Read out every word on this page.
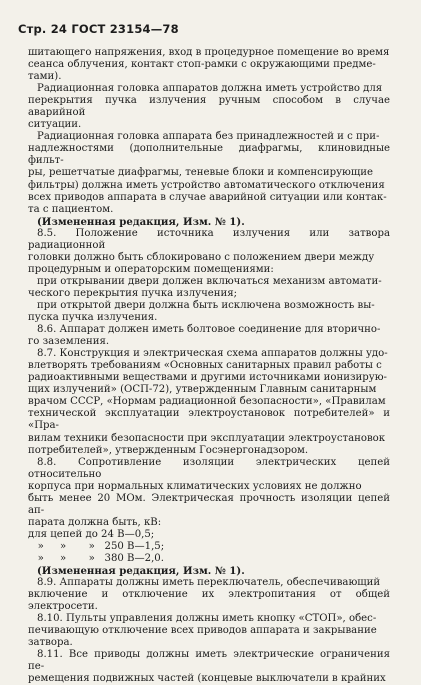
Стр. 24 ГОСТ 23154—78
шитающего напряжения, вход в процедурное помещение во время
сеанса облучения, контакт стоп-рамки с окружающими предме-
тами).
Радиационная головка аппаратов должна иметь устройство для
перекрытия пучка излучения ручным способом в случае аварийной
ситуации.
Радиационная головка аппарата без принадлежностей и с при-
надлежностями (дополнительные диафрагмы, клиновидные фильт-
ры, решетчатые диафрагмы, теневые блоки и компенсирующие
фильтры) должна иметь устройство автоматического отключения
всех приводов аппарата в случае аварийной ситуации или контак-
та с пациентом.
(Измененная редакция, Изм. № 1).
8.5. Положение источника излучения или затвора радиационной
головки должно быть сблокировано с положением двери между
процедурным и операторским помещениями:
при открывании двери должен включаться механизм автомати-
ческого перекрытия пучка излучения;
при открытой двери должна быть исключена возможность вы-
пуска пучка излучения.
8.6. Аппарат должен иметь болтовое соединение для вторично-
го заземления.
8.7. Конструкция и электрическая схема аппаратов должны удо-
влетворять требованиям «Основных санитарных правил работы с
радиоактивными веществами и другими источниками ионизирую-
щих излучений» (ОСП-72), утвержденным Главным санитарным
врачом СССР, «Нормам радиационной безопасности», «Правилам
технической эксплуатации электроустановок потребителей» и «Пра-
вилам техники безопасности при эксплуатации электроустановок
потребителей», утвержденным Госэнергонадзором.
8.8. Сопротивление изоляции электрических цепей относительно
корпуса при нормальных климатических условиях не должно
быть менее 20 МОм. Электрическая прочность изоляции цепей ап-
парата должна быть, кВ:
для цепей до 24 В—0,5;
»     »       »   250 В—1,5;
»     »       »   380 В—2,0.
(Измененная редакция, Изм. № 1).
8.9. Аппараты должны иметь переключатель, обеспечивающий
включение и отключение их электропитания от общей электросети.
8.10. Пульты управления должны иметь кнопку «СТОП», обес-
печивающую отключение всех приводов аппарата и закрывание
затвора.
8.11. Все приводы должны иметь электрические ограничения пе-
ремещения подвижных частей (концевые выключатели в крайних
